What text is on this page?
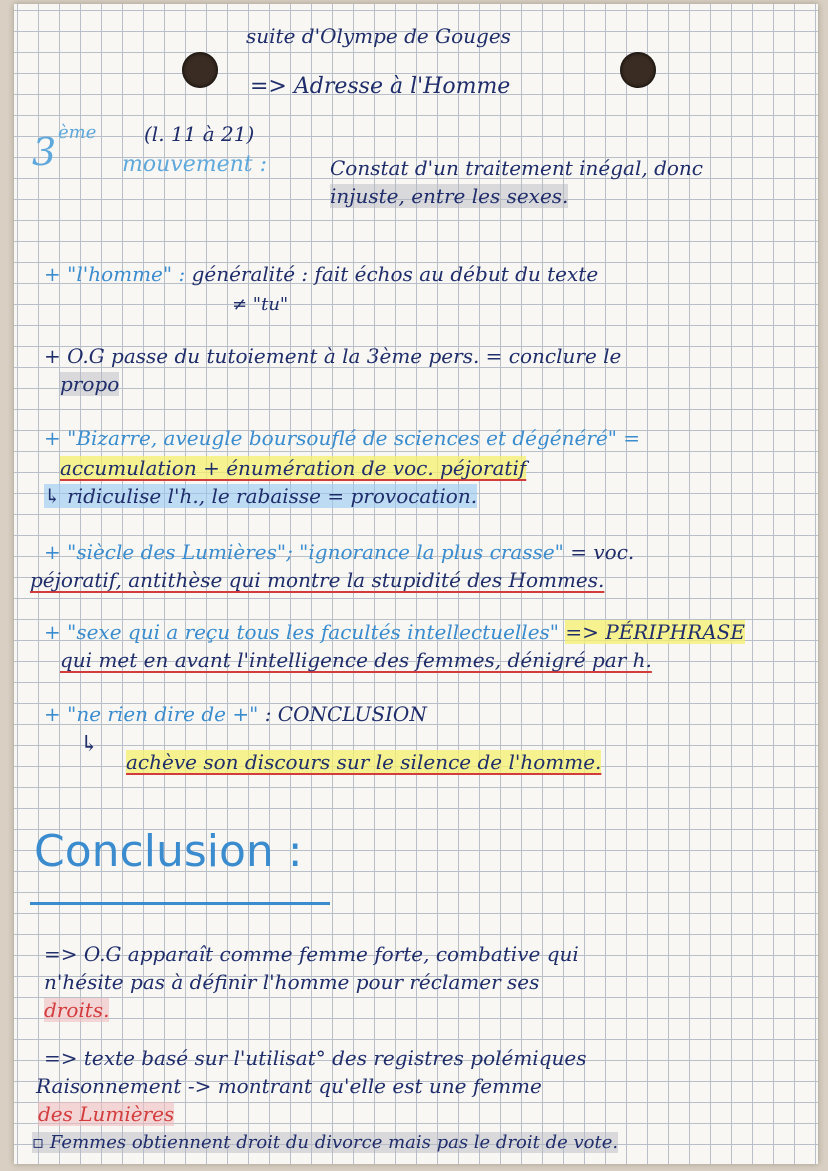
suite d'Olympe de Gouges
=> Adresse à l'Homme
3 ème (l. 11 à 21)
mouvement :	Constat d'un traitement inégal, donc
injuste, entre les sexes.
+ "l'homme" : généralité : fait échos au début du texte
≠ "tu"
+ O.G passe du tutoiement à la 3ème pers. = conclure le
propo
+ "Bizarre, aveugle boursouflé de sciences et dégénéré" =
accumulation + énumération de voc. péjoratif
↳ ridiculise l'h., le rabaisse = provocation.
+ "siècle des Lumières"; "ignorance la plus crasse" = voc.
péjoratif, antithèse qui montre la stupidité des Hommes.
+ "sexe qui a reçu tous les facultés intellectuelles" => PÉRIPHRASE
qui met en avant l'intelligence des femmes, dénigré par h.
+ "ne rien dire de +" : CONCLUSION
↳
achève son discours sur le silence de l'homme.
Conclusion :
=> O.G apparaît comme femme forte, combative qui
n'hésite pas à définir l'homme pour réclamer ses
droits.
=> texte basé sur l'utilisat° des registres polémiques
Raisonnement -> montrant qu'elle est une femme
des Lumières
▫ Femmes obtiennent droit du divorce mais pas le droit de vote.
